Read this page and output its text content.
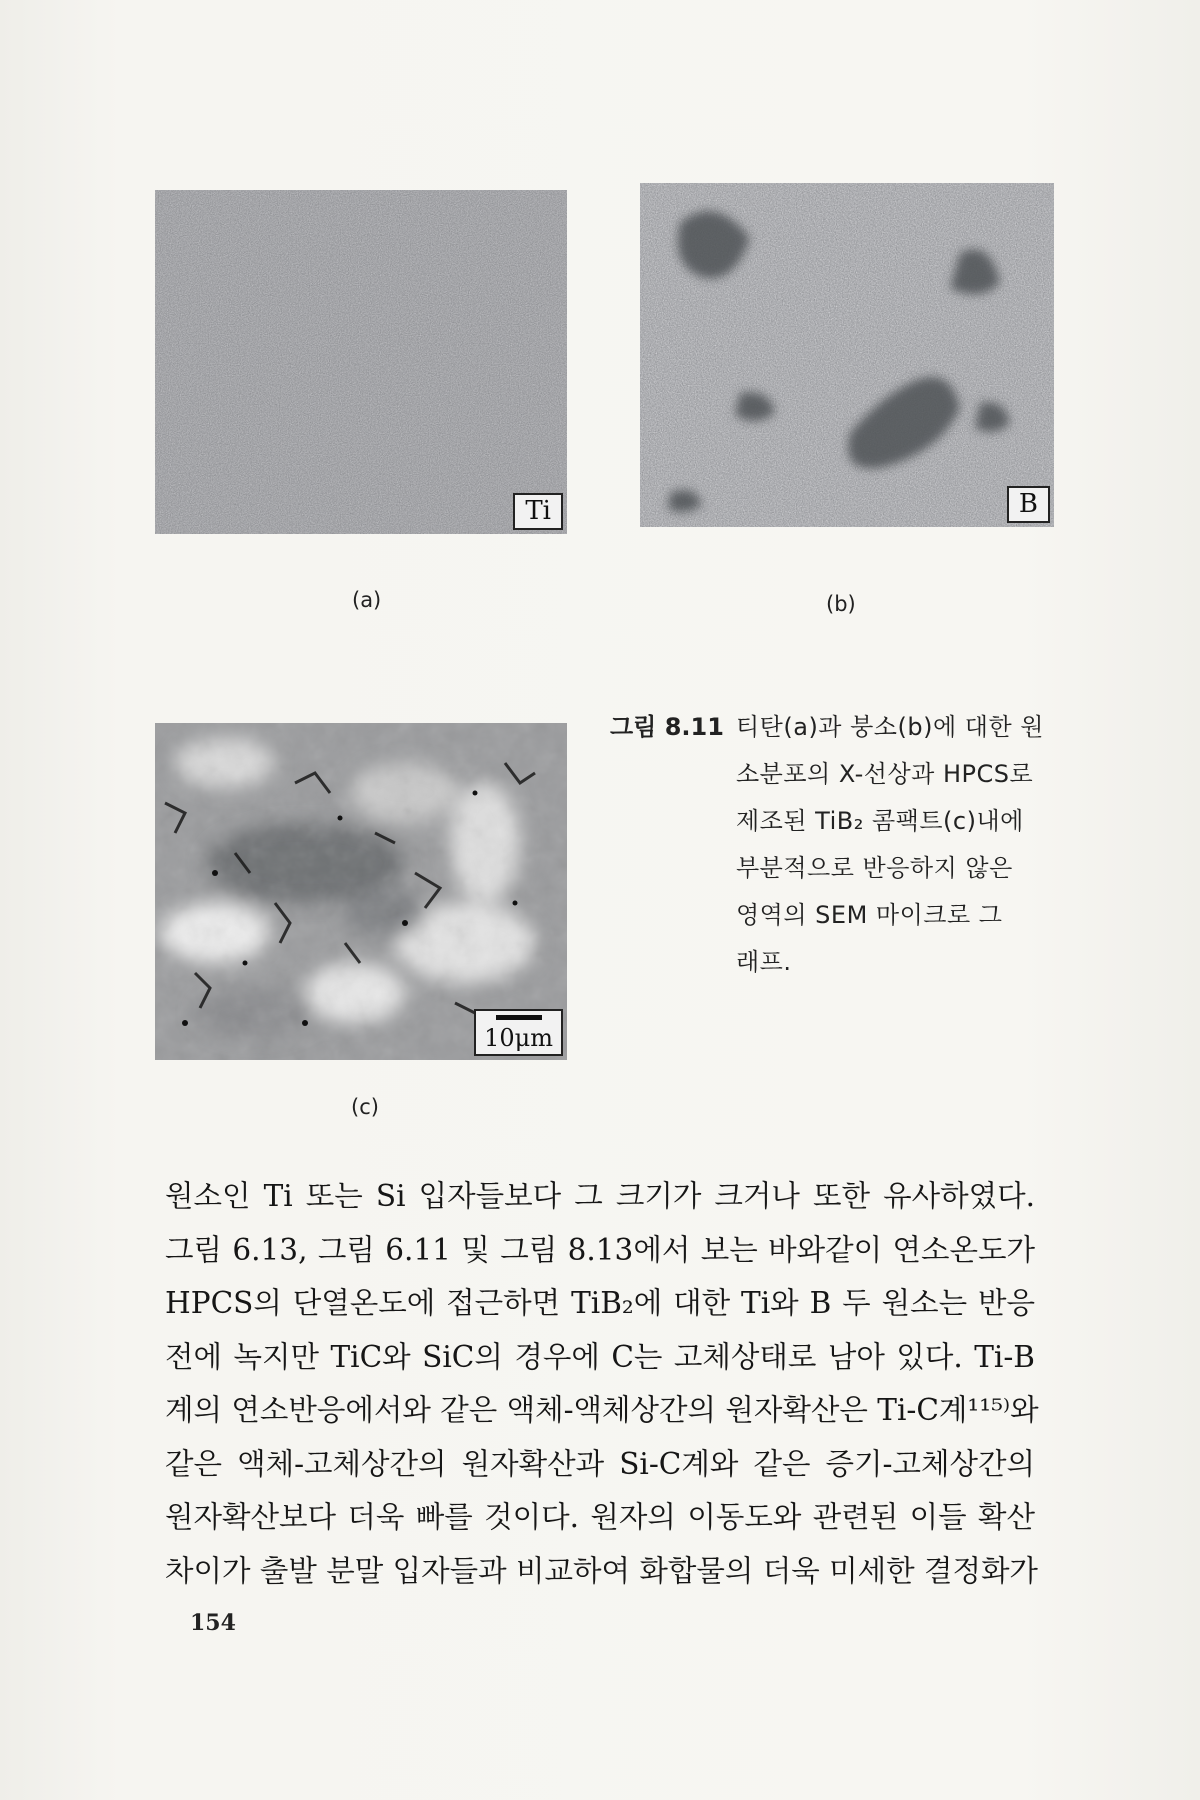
Ti	B
(a)	(b)
10μm
(c)
그림 8.11 티탄(a)과 붕소(b)에 대한 원
소분포의 X-선상과 HPCS로
제조된 TiB₂ 콤팩트(c)내에
부분적으로 반응하지 않은
영역의 SEM 마이크로 그
래프.
원소인 Ti 또는 Si 입자들보다 그 크기가 크거나 또한 유사하였다.
그림 6.13, 그림 6.11 및 그림 8.13에서 보는 바와같이 연소온도가
HPCS의 단열온도에 접근하면 TiB₂에 대한 Ti와 B 두 원소는 반응
전에 녹지만 TiC와 SiC의 경우에 C는 고체상태로 남아 있다. Ti-B
계의 연소반응에서와 같은 액체-액체상간의 원자확산은 Ti-C계¹¹⁵⁾와
같은 액체-고체상간의 원자확산과 Si-C계와 같은 증기-고체상간의
원자확산보다 더욱 빠를 것이다. 원자의 이동도와 관련된 이들 확산
차이가 출발 분말 입자들과 비교하여 화합물의 더욱 미세한 결정화가
154
